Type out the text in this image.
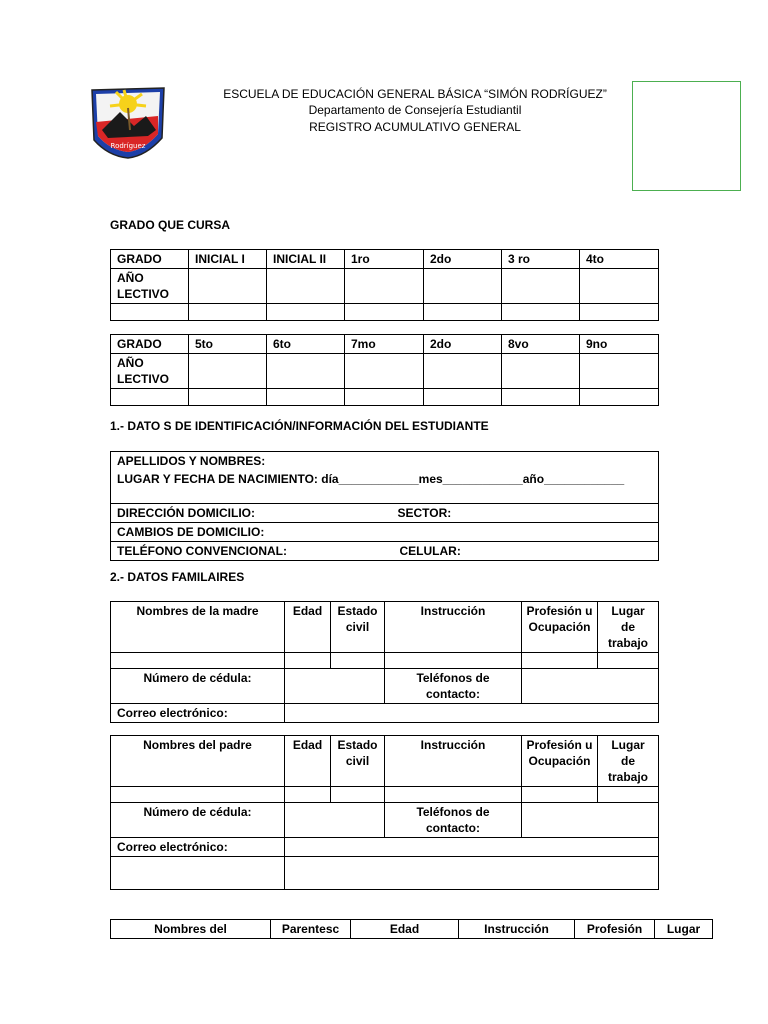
Rodríguez
ESCUELA DE EDUCACIÓN GENERAL BÁSICA “SIMÓN RODRÍGUEZ”
Departamento de Consejería Estudiantil
REGISTRO ACUMULATIVO GENERAL
GRADO QUE CURSA
GRADO	INICIAL I	INICIAL II	1ro	2do	3 ro	4to
AÑO LECTIVO						

GRADO	5to	6to	7mo	2do	8vo	9no
AÑO LECTIVO						

1.- DATO S DE IDENTIFICACIÓN/INFORMACIÓN DEL ESTUDIANTE
APELLIDOS Y NOMBRES:	
LUGAR Y FECHA DE NACIMIENTO: día____________mes____________año____________	
DIRECCIÓN DOMICILIO:	SECTOR:
CAMBIOS DE DOMICILIO:	
TELÉFONO CONVENCIONAL:	CELULAR:
2.- DATOS FAMILAIRES
Nombres de la madre	Edad	Estado civil	Instrucción	Profesión u Ocupación	Lugar de trabajo

Número de cédula:			Teléfonos de contacto:		
Correo electrónico:					
Nombres del padre	Edad	Estado civil	Instrucción	Profesión u Ocupación	Lugar de trabajo

Número de cédula:			Teléfonos de contacto:		
Correo electrónico:					

Nombres del	Parentesc	Edad	Instrucción	Profesión	Lugar
